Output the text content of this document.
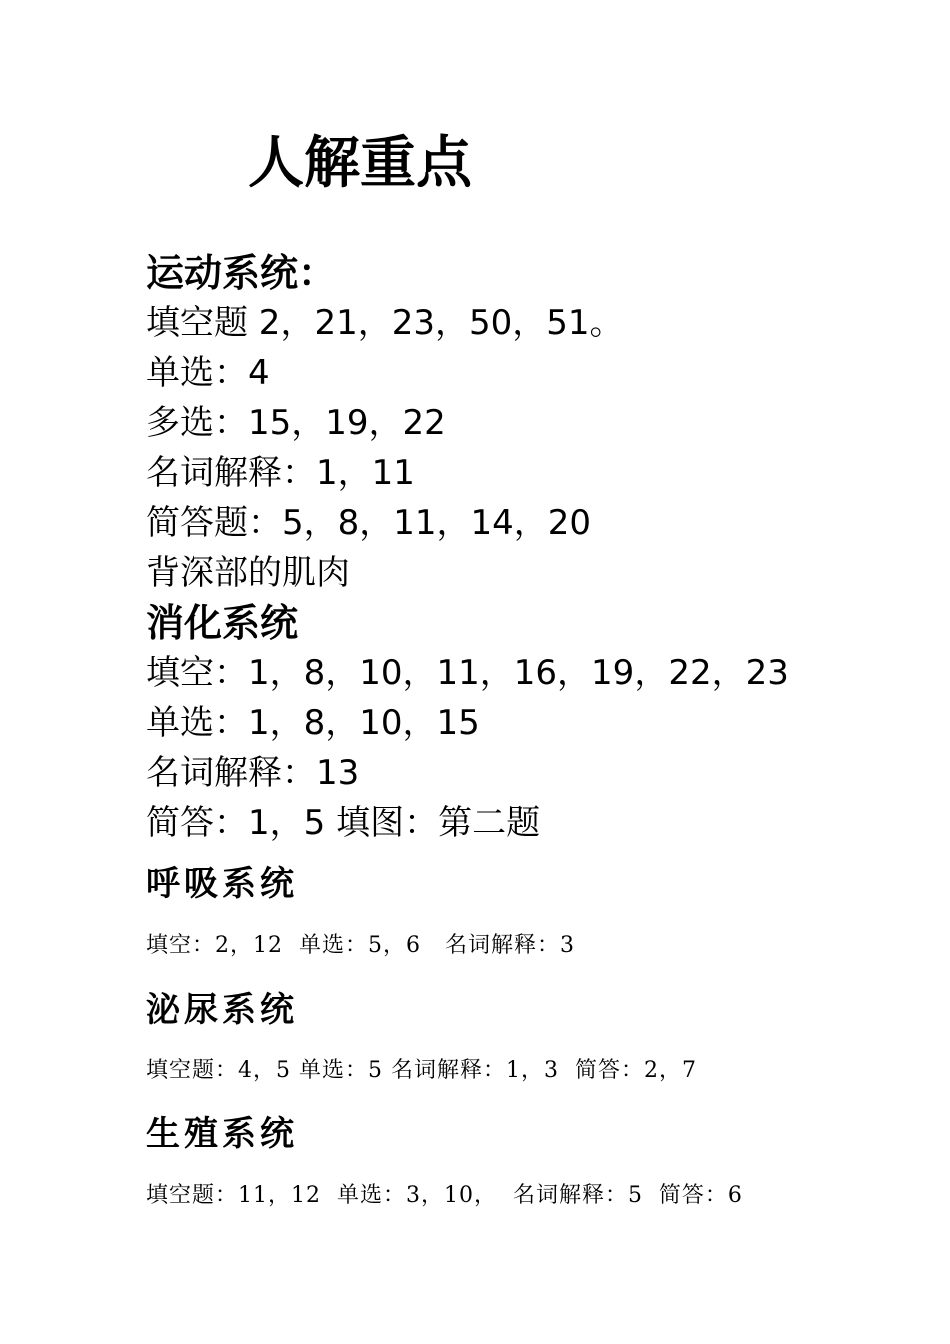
人解重点
运动系统：
填空题 2，21，23，50，51。
单选：4
多选：15，19，22
名词解释：1，11
简答题：5，8，11，14，20
背深部的肌肉
消化系统
填空：1，8，10，11，16，19，22，23
单选：1，8，10，15
名词解释：13
简答：1，5 填图：第二题
呼吸系统
填空：2，12  单选：5，6   名词解释：3
泌尿系统
填空题：4，5 单选：5 名词解释：1，3  简答：2，7
生殖系统
填空题：11，12  单选：3，10，  名词解释：5  简答：6
